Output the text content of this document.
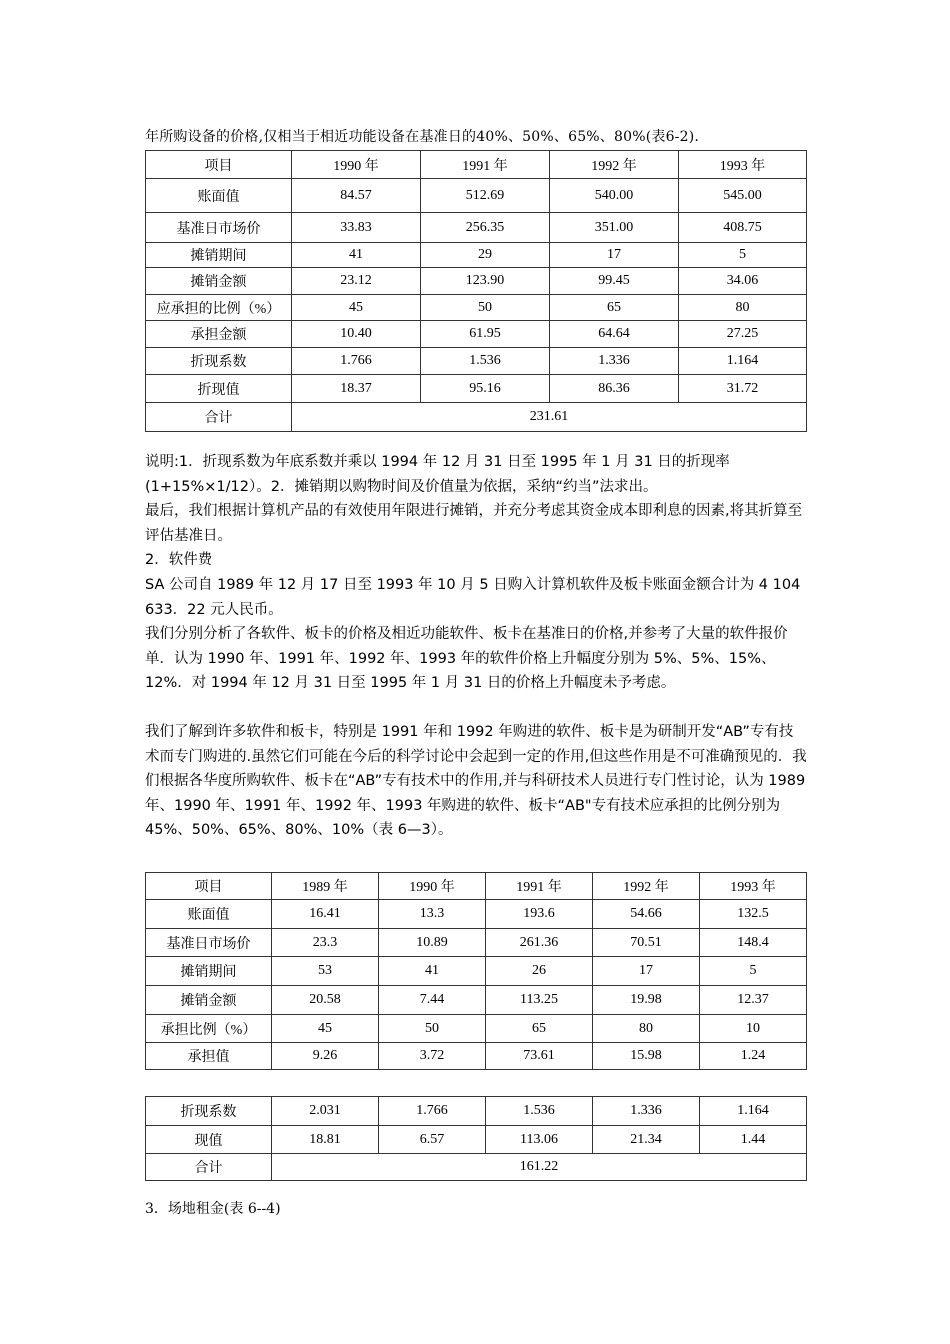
年所购设备的价格,仅相当于相近功能设备在基准日的40%、50%、65%、80%(表6-2).
项目	1990 年	1991 年	1992 年	1993 年
账面值	84.57	512.69	540.00	545.00
基准日市场价	33.83	256.35	351.00	408.75
摊销期间	41	29	17	5
摊销金额	23.12	123.90	99.45	34.06
应承担的比例（%）	45	50	65	80
承担金额	10.40	61.95	64.64	27.25
折现系数	1.766	1.536	1.336	1.164
折现值	18.37	95.16	86.36	31.72
合计	231.61			
说明:1．折现系数为年底系数并乘以 1994 年 12 月 31 日至 1995 年 1 月 31 日的折现率(1+15%×1/12）。2．摊销期以购物时间及价值量为依据，采纳“约当”法求出。
最后，我们根据计算机产品的有效使用年限进行摊销，并充分考虑其资金成本即利息的因素,将其折算至评估基准日。
2．软件费
SA 公司自 1989 年 12 月 17 日至 1993 年 10 月 5 日购入计算机软件及板卡账面金额合计为 4 104 633．22 元人民币。
我们分别分析了各软件、板卡的价格及相近功能软件、板卡在基准日的价格,并参考了大量的软件报价单．认为 1990 年、1991 年、1992 年、1993 年的软件价格上升幅度分别为 5%、5%、15%、12%．对 1994 年 12 月 31 日至 1995 年 1 月 31 日的价格上升幅度未予考虑。
我们了解到许多软件和板卡，特别是 1991 年和 1992 年购进的软件、板卡是为研制开发“AB”专有技术而专门购进的.虽然它们可能在今后的科学讨论中会起到一定的作用,但这些作用是不可准确预见的．我们根据各华度所购软件、板卡在“AB”专有技术中的作用,并与科研技术人员进行专门性讨论，认为 1989 年、1990 年、1991 年、1992 年、1993 年购进的软件、板卡“AB"专有技术应承担的比例分别为 45%、50%、65%、80%、10%（表 6—3）。
项目	1989 年	1990 年	1991 年	1992 年	1993 年
账面值	16.41	13.3	193.6	54.66	132.5
基准日市场价	23.3	10.89	261.36	70.51	148.4
摊销期间	53	41	26	17	5
摊销金额	20.58	7.44	113.25	19.98	12.37
承担比例（%）	45	50	65	80	10
承担值	9.26	3.72	73.61	15.98	1.24
折现系数	2.031	1.766	1.536	1.336	1.164
现值	18.81	6.57	113.06	21.34	1.44
合计	161.22				
3．场地租金(表 6--4)
